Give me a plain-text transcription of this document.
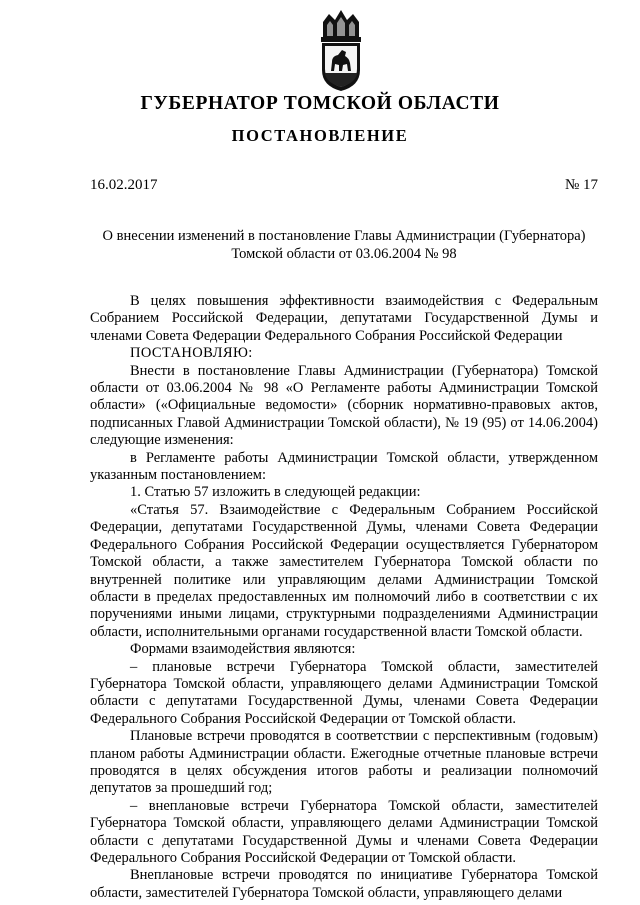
ГУБЕРНАТОР ТОМСКОЙ ОБЛАСТИ
ПОСТАНОВЛЕНИЕ
16.02.2017	№ 17
О внесении изменений в постановление Главы Администрации (Губернатора) Томской области от 03.06.2004 № 98

В целях повышения эффективности взаимодействия с Федеральным Собранием Российской Федерации, депутатами Государственной Думы и членами Совета Федерации Федерального Собрания Российской Федерации

ПОСТАНОВЛЯЮ:

Внести в постановление Главы Администрации (Губернатора) Томской области от 03.06.2004 № 98 «О Регламенте работы Администрации Томской области» («Официальные ведомости» (сборник нормативно-правовых актов, подписанных Главой Администрации Томской области), № 19 (95) от 14.06.2004) следующие изменения:

в Регламенте работы Администрации Томской области, утвержденном указанным постановлением:

1. Статью 57 изложить в следующей редакции:

«Статья 57. Взаимодействие с Федеральным Собранием Российской Федерации, депутатами Государственной Думы, членами Совета Федерации Федерального Собрания Российской Федерации осуществляется Губернатором Томской области, а также заместителем Губернатора Томской области по внутренней политике или управляющим делами Администрации Томской области в пределах предоставленных им полномочий либо в соответствии с их поручениями иными лицами, структурными подразделениями Администрации области, исполнительными органами государственной власти Томской области.

Формами взаимодействия являются:

– плановые встречи Губернатора Томской области, заместителей Губернатора Томской области, управляющего делами Администрации Томской области с депутатами Государственной Думы, членами Совета Федерации Федерального Собрания Российской Федерации от Томской области.

Плановые встречи проводятся в соответствии с перспективным (годовым) планом работы Администрации области. Ежегодные отчетные плановые встречи проводятся в целях обсуждения итогов работы и реализации полномочий депутатов за прошедший год;

– внеплановые встречи Губернатора Томской области, заместителей Губернатора Томской области, управляющего делами Администрации Томской области с депутатами Государственной Думы и членами Совета Федерации Федерального Собрания Российской Федерации от Томской области.

Внеплановые встречи проводятся по инициативе Губернатора Томской области, заместителей Губернатора Томской области, управляющего делами
